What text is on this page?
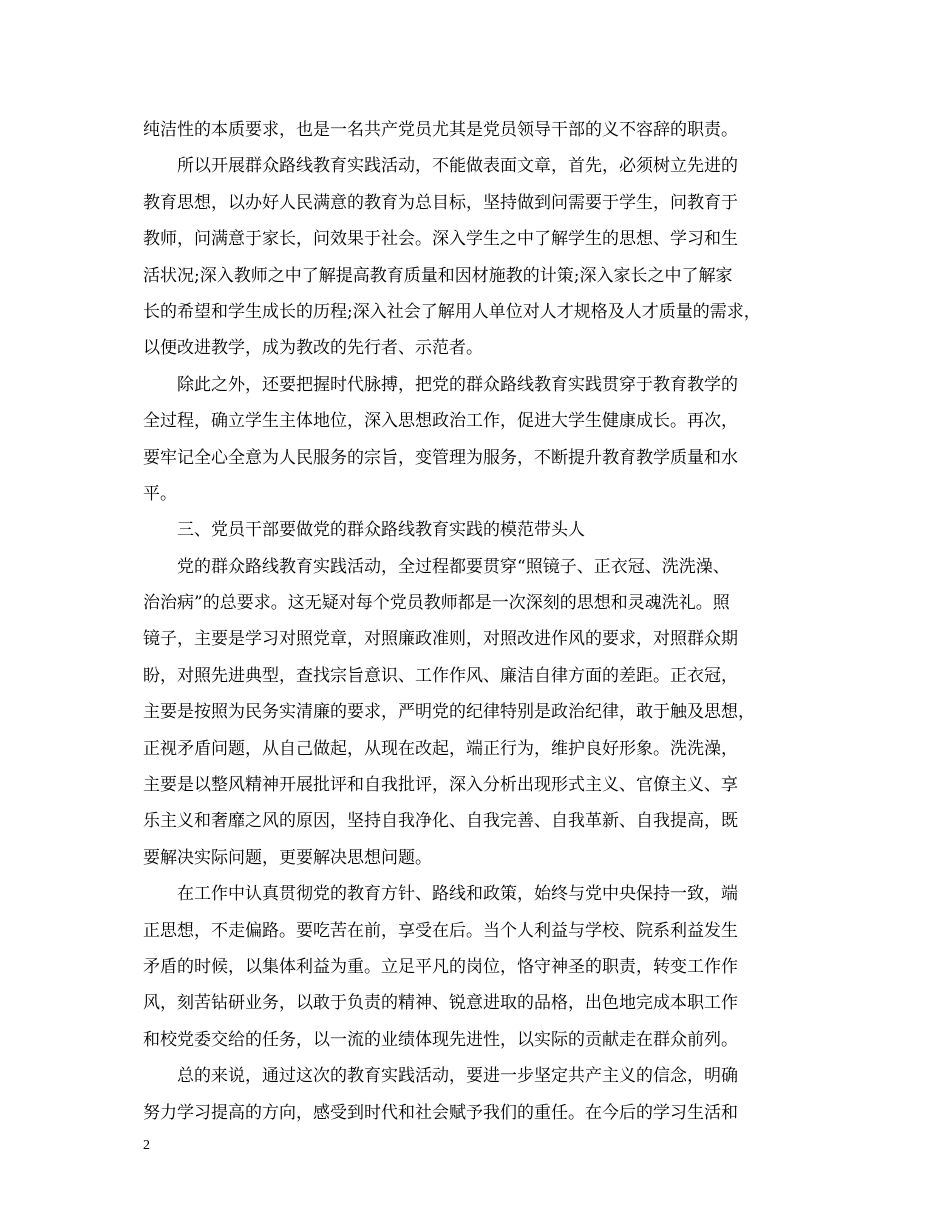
纯洁性的本质要求，也是一名共产党员尤其是党员领导干部的义不容辞的职责。
所以开展群众路线教育实践活动，不能做表面文章，首先，必须树立先进的
教育思想，以办好人民满意的教育为总目标，坚持做到问需要于学生，问教育于
教师，问满意于家长，问效果于社会。深入学生之中了解学生的思想、学习和生
活状况;深入教师之中了解提高教育质量和因材施教的计策;深入家长之中了解家
长的希望和学生成长的历程;深入社会了解用人单位对人才规格及人才质量的需求，
以便改进教学，成为教改的先行者、示范者。
除此之外，还要把握时代脉搏，把党的群众路线教育实践贯穿于教育教学的
全过程，确立学生主体地位，深入思想政治工作，促进大学生健康成长。再次，
要牢记全心全意为人民服务的宗旨，变管理为服务，不断提升教育教学质量和水
平。
三、党员干部要做党的群众路线教育实践的模范带头人
党的群众路线教育实践活动，全过程都要贯穿“照镜子、正衣冠、洗洗澡、
治治病”的总要求。这无疑对每个党员教师都是一次深刻的思想和灵魂洗礼。照
镜子，主要是学习对照党章，对照廉政准则，对照改进作风的要求，对照群众期
盼，对照先进典型，查找宗旨意识、工作作风、廉洁自律方面的差距。正衣冠，
主要是按照为民务实清廉的要求，严明党的纪律特别是政治纪律，敢于触及思想，
正视矛盾问题，从自己做起，从现在改起，端正行为，维护良好形象。洗洗澡，
主要是以整风精神开展批评和自我批评，深入分析出现形式主义、官僚主义、享
乐主义和奢靡之风的原因，坚持自我净化、自我完善、自我革新、自我提高，既
要解决实际问题，更要解决思想问题。
在工作中认真贯彻党的教育方针、路线和政策，始终与党中央保持一致，端
正思想，不走偏路。要吃苦在前，享受在后。当个人利益与学校、院系利益发生
矛盾的时候，以集体利益为重。立足平凡的岗位，恪守神圣的职责，转变工作作
风，刻苦钻研业务，以敢于负责的精神、锐意进取的品格，出色地完成本职工作
和校党委交给的任务，以一流的业绩体现先进性，以实际的贡献走在群众前列。
总的来说，通过这次的教育实践活动，要进一步坚定共产主义的信念，明确
努力学习提高的方向，感受到时代和社会赋予我们的重任。在今后的学习生活和
2
